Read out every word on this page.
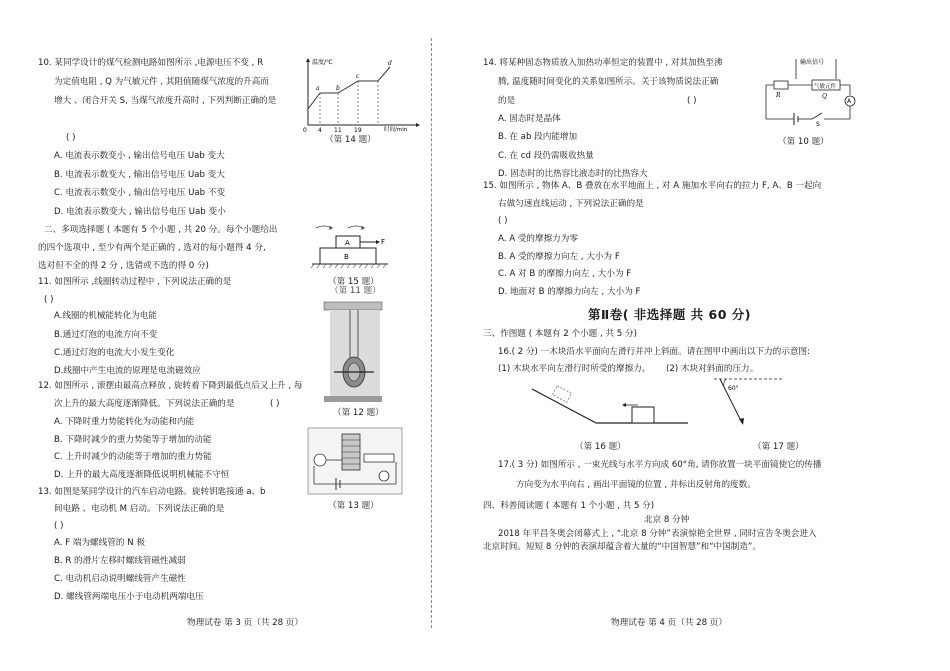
10. 某同学设计的煤气检测电路如图所示 ,电源电压不变 , R
为定值电阻 , Q 为气敏元件 , 其阻值随煤气浓度的升高而
增大 、闭合开关 S, 当煤气浓度升高时 , 下列判断正确的是
( )
A. 电流表示数变小 , 输出信号电压 Uab 变大
B. 电流表示数变大 , 输出信号电压 Uab 变大
C. 电流表示数变小 , 输出信号电压 Uab 不变
D. 电流表示数变大 , 输出信号电压 Uab 变小
温度/℃
时间/min
0 4 11 19
a	b
c
d
（第 14 题）
二、多项选择题 ( 本题有 5 个小题 , 共 20 分。每个小题给出
的四个选项中 , 至少有两个是正确的 , 选对的每小题得 4 分,
选对但不全的得 2 分 , 选错或不选的得 0 分)
A	F
B
（第 15 题）
（第 11 题）
11. 如图所示 ,线圈转动过程中 , 下列说法正确的是
( )
A.线圈的机械能转化为电能
B.通过灯泡的电流方向不变
C.通过灯泡的电流大小发生变化
D.线圈中产生电流的原理是电流磁效应
（第 12 题）
12. 如图所示 , 滚摆由最高点释放 , 旋转着下降到最低点后又上升 , 每
次上升的最大高度逐渐降低。下列说法正确的是	( )
A. 下降时重力势能转化为动能和内能
B. 下降时减少的重力势能等于增加的动能
C. 上升时减少的动能等于增加的重力势能
D. 上升的最大高度逐渐降低说明机械能不守恒
（第 13 题）
13. 如图是某同学设计的汽车启动电路。旋转钥匙接通 a、b
间电路 、电动机 M 启动。下列说法正确的是
( )
A. F 端为螺线管的 N 极
B. R 的滑片左移时螺线管磁性减弱
C. 电动机启动说明螺线管产生磁性
D. 螺线管两端电压小于电动机两端电压
物理试卷 第 3 页（共 28 页）
14. 将某种固态物质放入加热功率恒定的装置中 , 对其加热至沸
腾, 温度随时间变化的关系如图所示。关于该物质说法正确
的是	( )
A. 固态时是晶体
B. 在 ab 段内能增加
C. 在 cd 段仍需吸收热量
D. 固态时的比热容比液态时的比热容大
输出信号
R
气敏元件
Q
A
S
（第 10 题）
15. 如图所示 , 物体 A、B 叠放在水平地面上 , 对 A 施加水平向右的拉力 F, A、B 一起向
右做匀速直线运动 , 下列说法正确的是
( )
A. A 受的摩擦力为零
B. A 受的摩擦力向左 , 大小为 F
C. A 对 B 的摩擦力向左 , 大小为 F
D. 地面对 B 的摩擦力向左 , 大小为 F
第Ⅱ卷( 非选择题 共 60 分)
三、作图题 ( 本题有 2 个小题 , 共 5 分)
16.( 2 分) 一木块沿水平面向左滑行并冲上斜面。请在图甲中画出以下力的示意图:
(1) 木块水平向左滑行时所受的摩擦力。 (2) 木块对斜面的压力。
（第 16 题）
60°
（第 17 题）
17.( 3 分) 如图所示 , 一束光线与水平方向成 60°角, 请你放置一块平面镜使它的传播
方向变为水平向右 , 画出平面镜的位置 , 并标出反射角的度数。
四、科普阅读题 ( 本题有 1 个小题 , 共 5 分)
北京 8 分钟
2018 年平昌冬奥会闭幕式上 , “北京 8 分钟”表演惊艳全世界 , 同时宣告冬奥会进入
北京时间。短短 8 分钟的表演却蕴含着大量的“中国智慧”和“中国制造”。
物理试卷 第 4 页（共 28 页）
